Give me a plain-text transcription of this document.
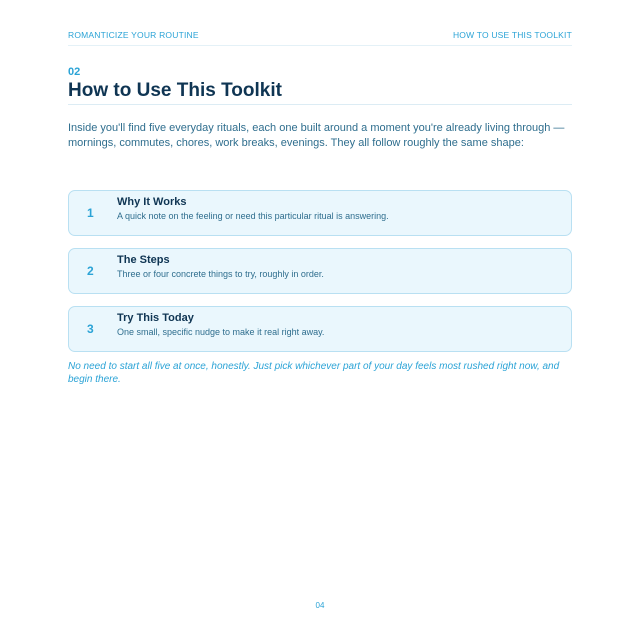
ROMANTICIZE YOUR ROUTINE	HOW TO USE THIS TOOLKIT
02
How to Use This Toolkit

Inside you'll find five everyday rituals, each one built around a moment you're already living through — mornings, commutes, chores, work breaks, evenings. They all follow roughly the same shape:

1
Why It Works
A quick note on the feeling or need this particular ritual is answering.
2
The Steps
Three or four concrete things to try, roughly in order.
3
Try This Today
One small, specific nudge to make it real right away.

No need to start all five at once, honestly. Just pick whichever part of your day feels most rushed right now, and begin there.

04
